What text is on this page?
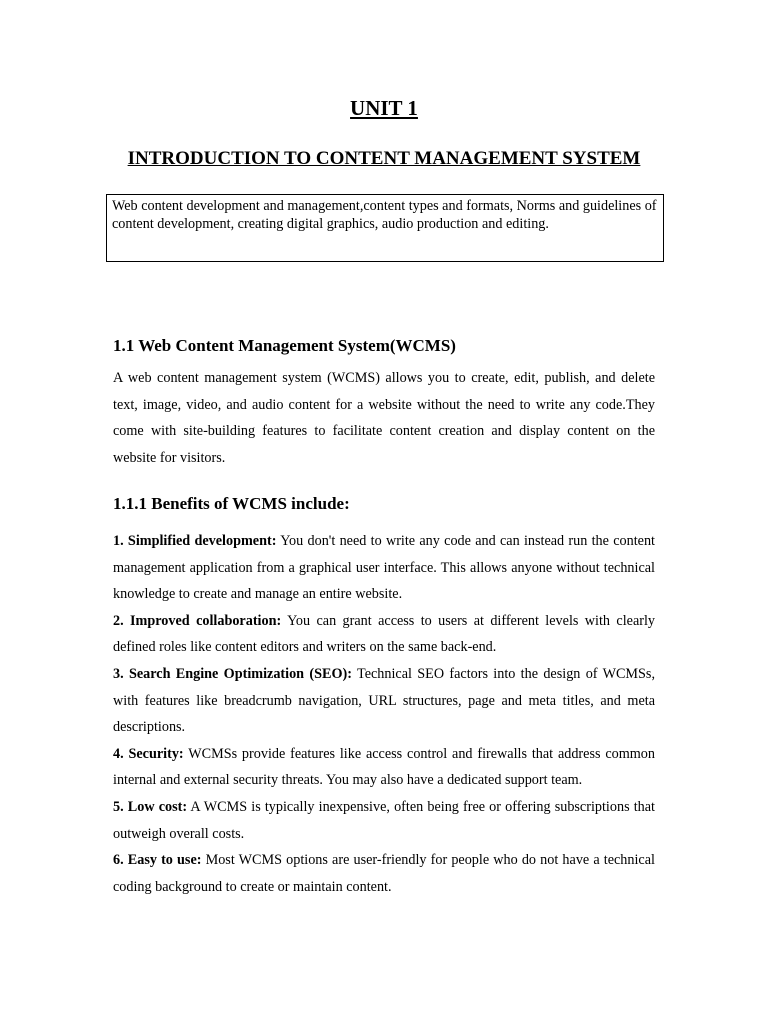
UNIT 1
INTRODUCTION TO CONTENT MANAGEMENT SYSTEM
Web content development and management,content types and formats, Norms and guidelines of content development, creating digital graphics, audio production and editing.
1.1 Web Content Management System(WCMS)

A web content management system (WCMS) allows you to create, edit, publish, and delete text, image, video, and audio content for a website without the need to write any code.They come with site-building features to facilitate content creation and display content on the website for visitors.

1.1.1 Benefits of WCMS include:

1. Simplified development: You don't need to write any code and can instead run the content management application from a graphical user interface. This allows anyone without technical knowledge to create and manage an entire website.

2. Improved collaboration: You can grant access to users at different levels with clearly defined roles like content editors and writers on the same back-end.

3. Search Engine Optimization (SEO): Technical SEO factors into the design of WCMSs, with features like breadcrumb navigation, URL structures, page and meta titles, and meta descriptions.

4. Security: WCMSs provide features like access control and firewalls that address common internal and external security threats. You may also have a dedicated support team.

5. Low cost: A WCMS is typically inexpensive, often being free or offering subscriptions that outweigh overall costs.

6. Easy to use: Most WCMS options are user-friendly for people who do not have a technical coding background to create or maintain content.
